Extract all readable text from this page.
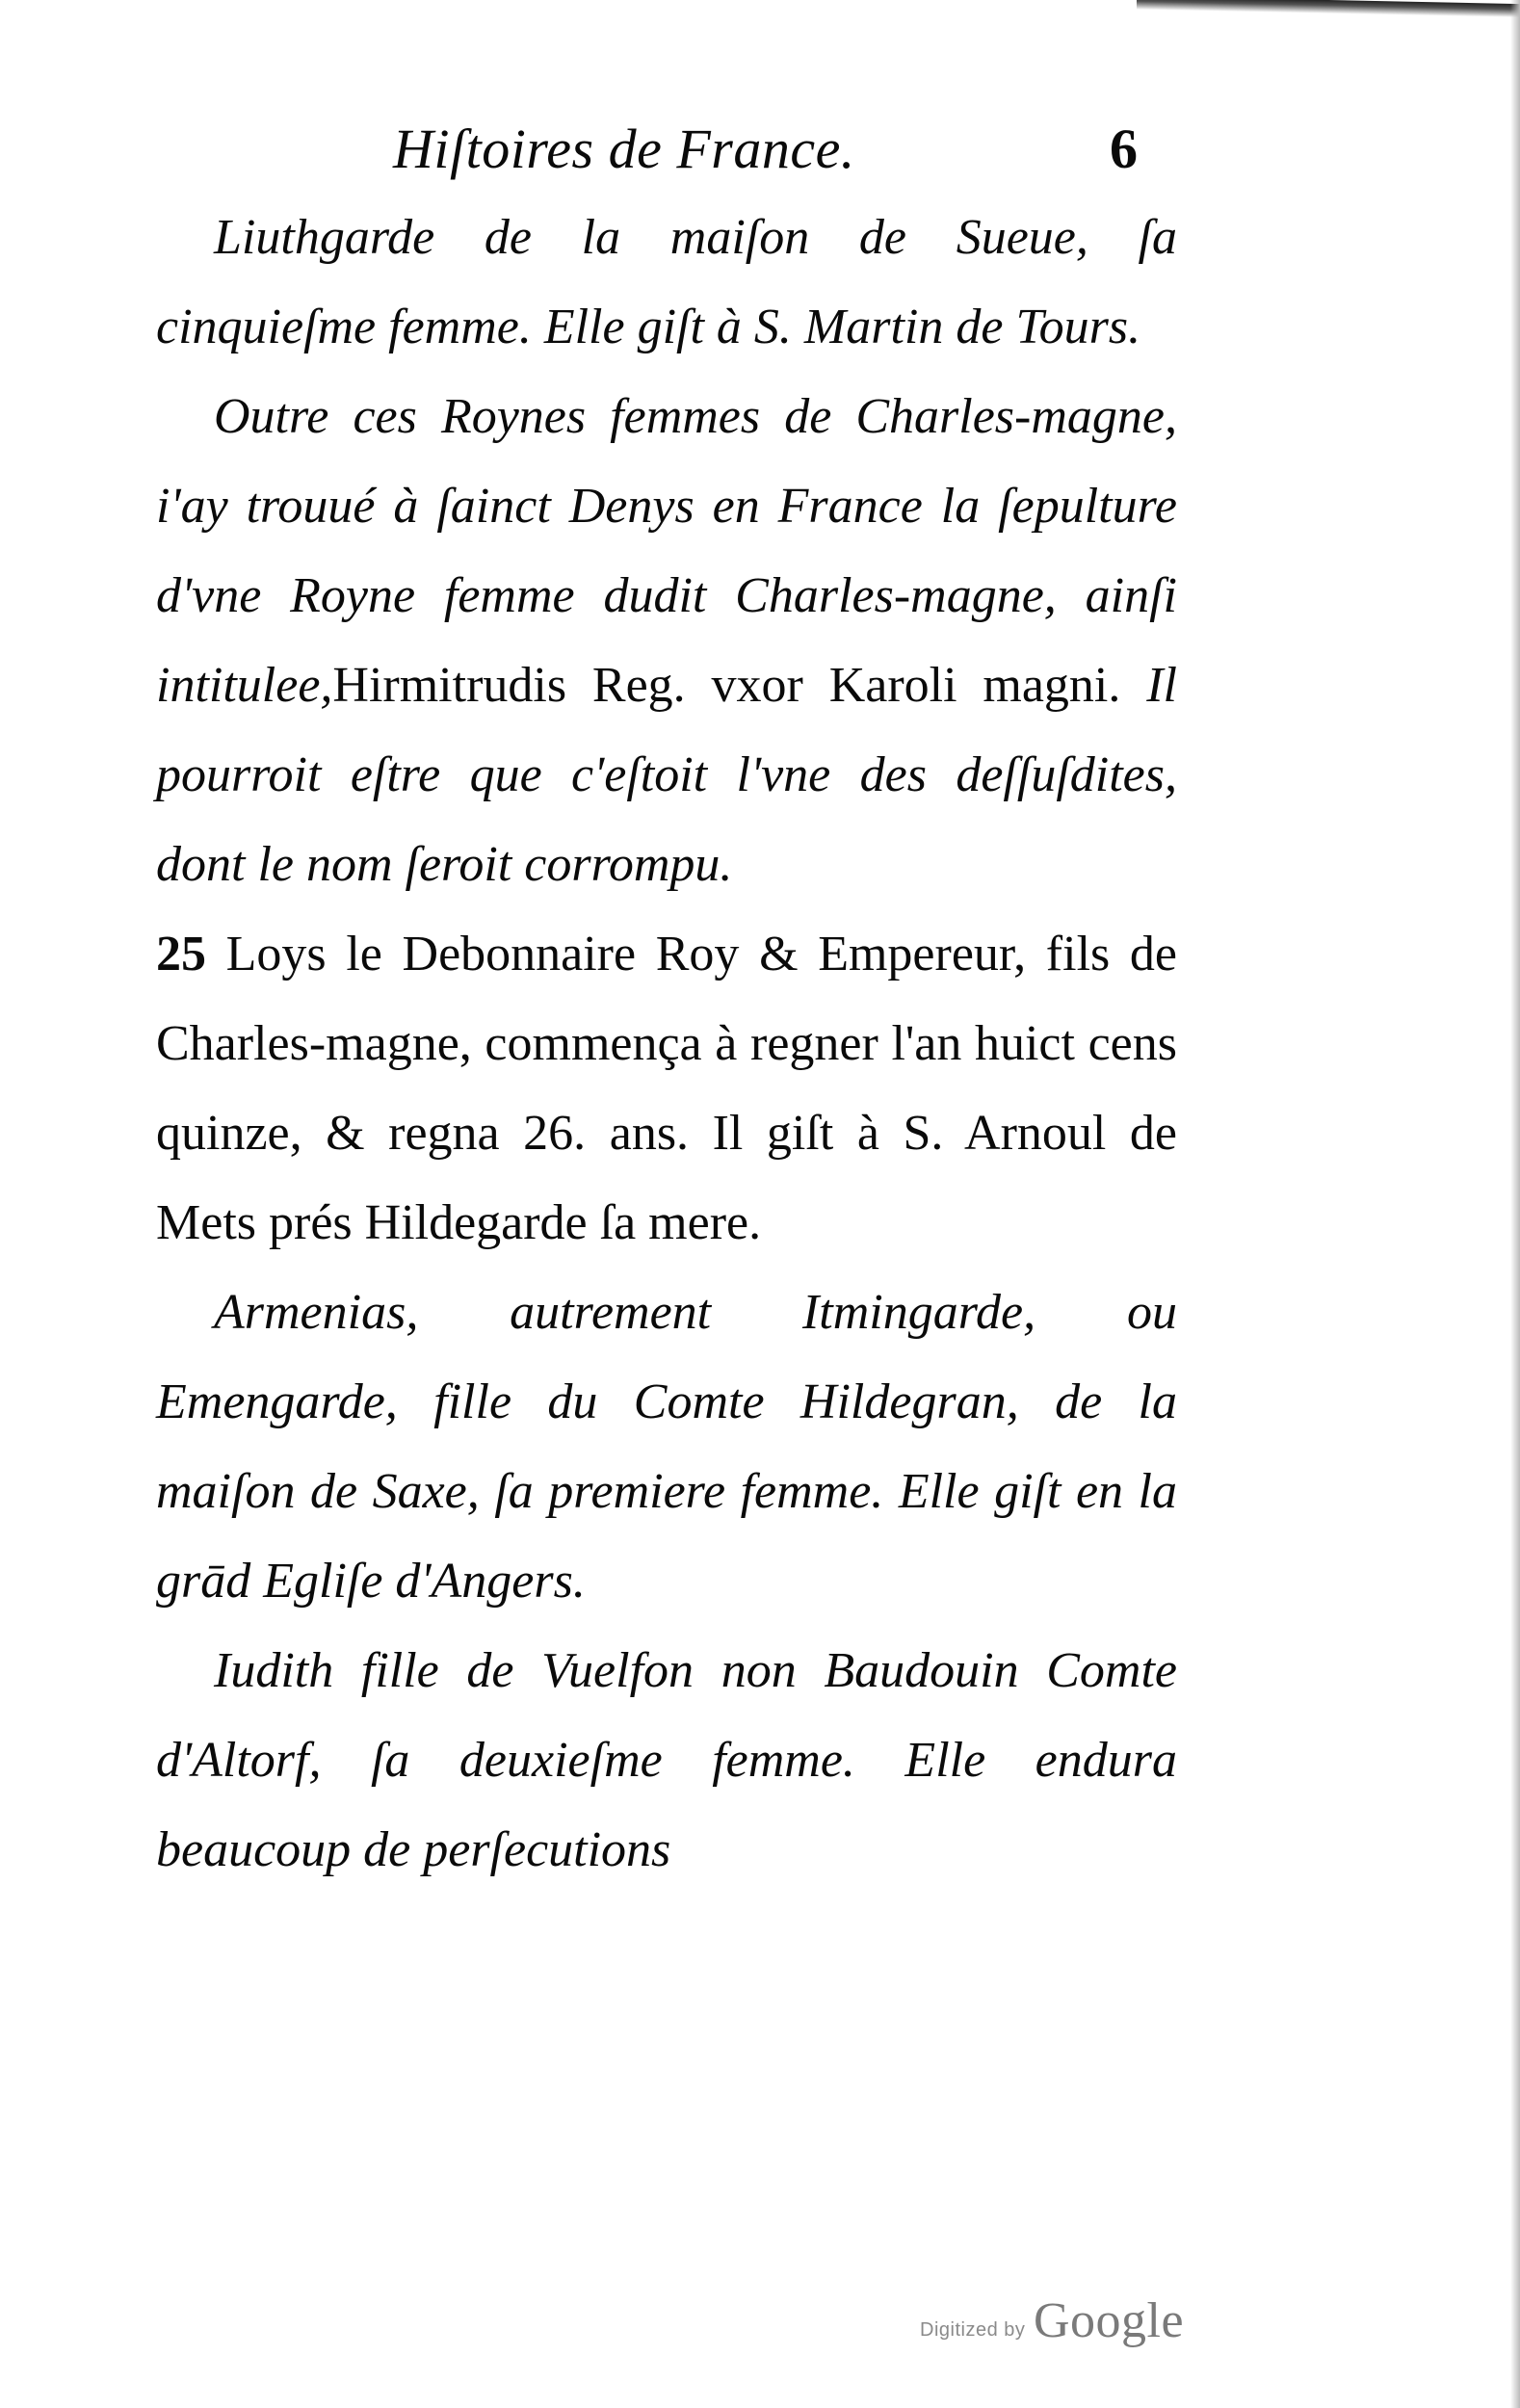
Hiſtoires de France.	6

Liuthgarde de la maiſon de Sueue, ſa cinquieſme femme. Elle giſt à S. Martin de Tours.

Outre ces Roynes femmes de Charles-magne, i'ay trouué à ſainct Denys en France la ſepulture d'vne Royne femme dudit Charles-magne, ainſi intitulee,Hirmitrudis Reg. vxor Karoli magni. Il pourroit eſtre que c'eſtoit l'vne des deſſuſdites, dont le nom ſeroit corrompu.

25 Loys le Debonnaire Roy & Empereur, fils de Charles-magne, commença à regner l'an huict cens quinze, & regna 26. ans. Il giſt à S. Arnoul de Mets prés Hildegarde ſa mere.

Armenias, autrement Itmingarde, ou Emengarde, fille du Comte Hildegran, de la maiſon de Saxe, ſa premiere femme. Elle giſt en la grād Egliſe d'Angers.

Iudith fille de Vuelfon non Baudouin Comte d'Altorf, ſa deuxieſme femme. Elle endura beaucoup de perſecutions

Digitized by Google
